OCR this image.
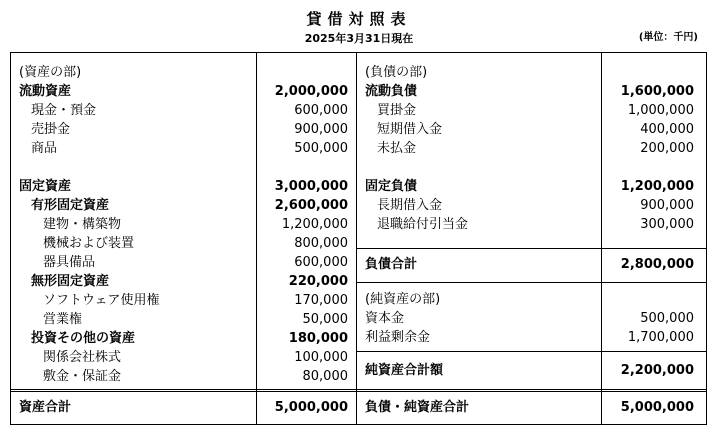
貸借対照表
2025年3月31日現在	(単位：千円)
(資産の部)
流動資産	2,000,000
現金・預金	600,000
売掛金	900,000
商品	500,000
固定資産	3,000,000
有形固定資産	2,600,000
建物・構築物	1,200,000
機械および装置	800,000
器具備品	600,000
無形固定資産	220,000
ソフトウェア使用権	170,000
営業権	50,000
投資その他の資産	180,000
関係会社株式	100,000
敷金・保証金	80,000
資産合計	5,000,000
(負債の部)
流動負債	1,600,000
買掛金	1,000,000
短期借入金	400,000
未払金	200,000
固定負債	1,200,000
長期借入金	900,000
退職給付引当金	300,000
負債合計	2,800,000
(純資産の部)
資本金	500,000
利益剰余金	1,700,000
純資産合計額	2,200,000
負債・純資産合計	5,000,000
